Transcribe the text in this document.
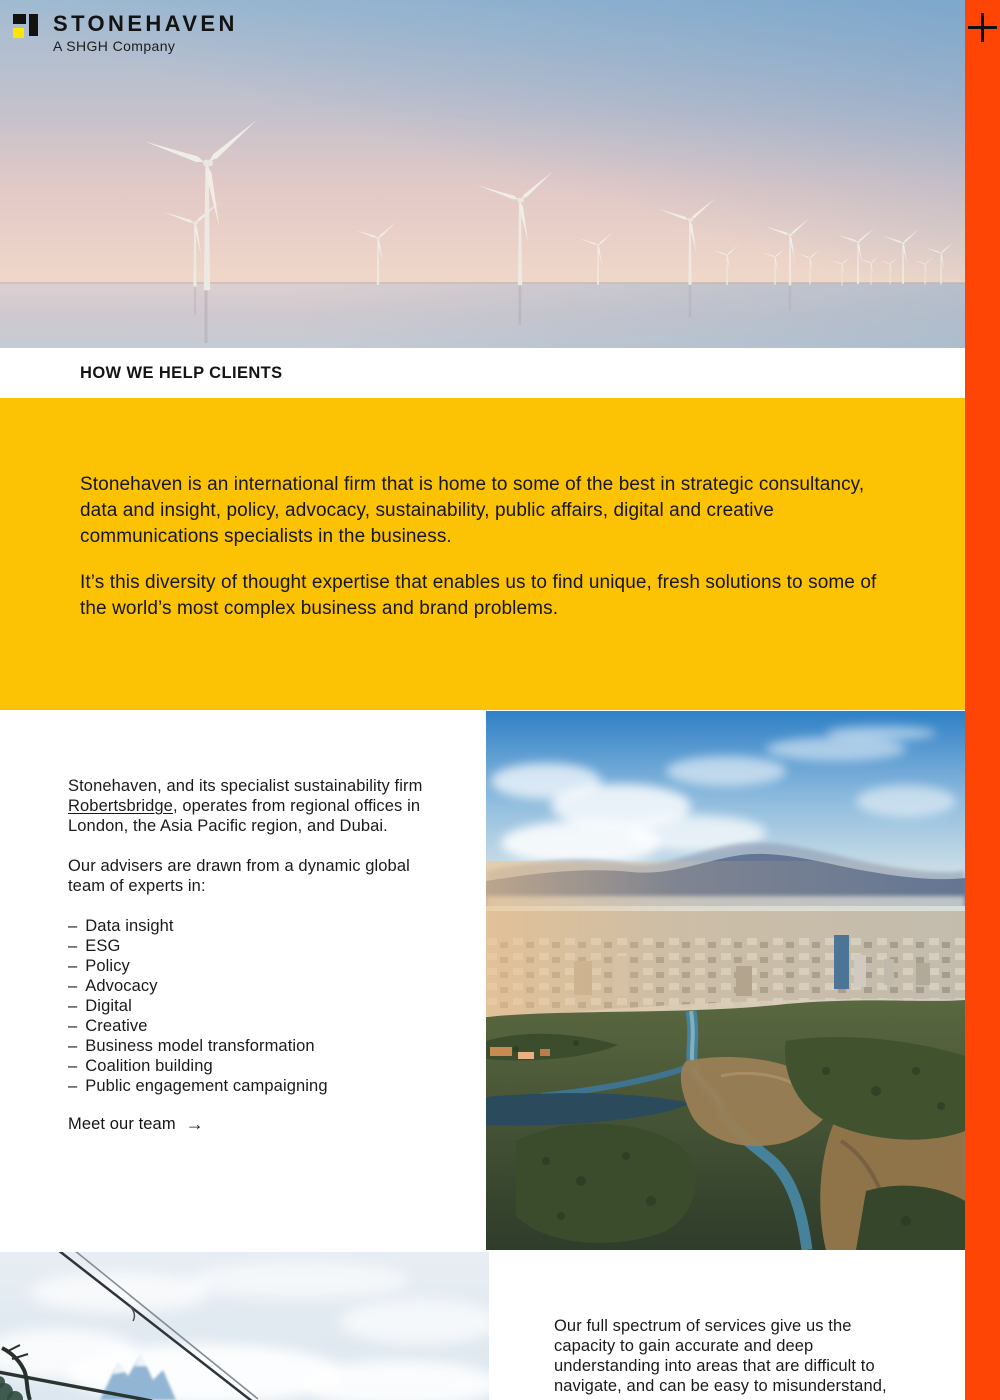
STONEHAVEN
A SHGH Company
HOW WE HELP CLIENTS

Stonehaven is an international firm that is home to some of the best in strategic consultancy, data and insight, policy, advocacy, sustainability, public affairs, digital and creative communications specialists in the business.

It’s this diversity of thought expertise that enables us to find unique, fresh solutions to some of the world’s most complex business and brand problems.

Stonehaven, and its specialist sustainability firm Robertsbridge, operates from regional offices in London, the Asia Pacific region, and Dubai.

Our advisers are drawn from a dynamic global team of experts in:

– Data insight
– ESG
– Policy
– Advocacy
– Digital
– Creative
– Business model transformation
– Coalition building
– Public engagement campaigning
Meet our team →

Our full spectrum of services give us the capacity to gain accurate and deep understanding into areas that are difficult to navigate, and can be easy to misunderstand,
